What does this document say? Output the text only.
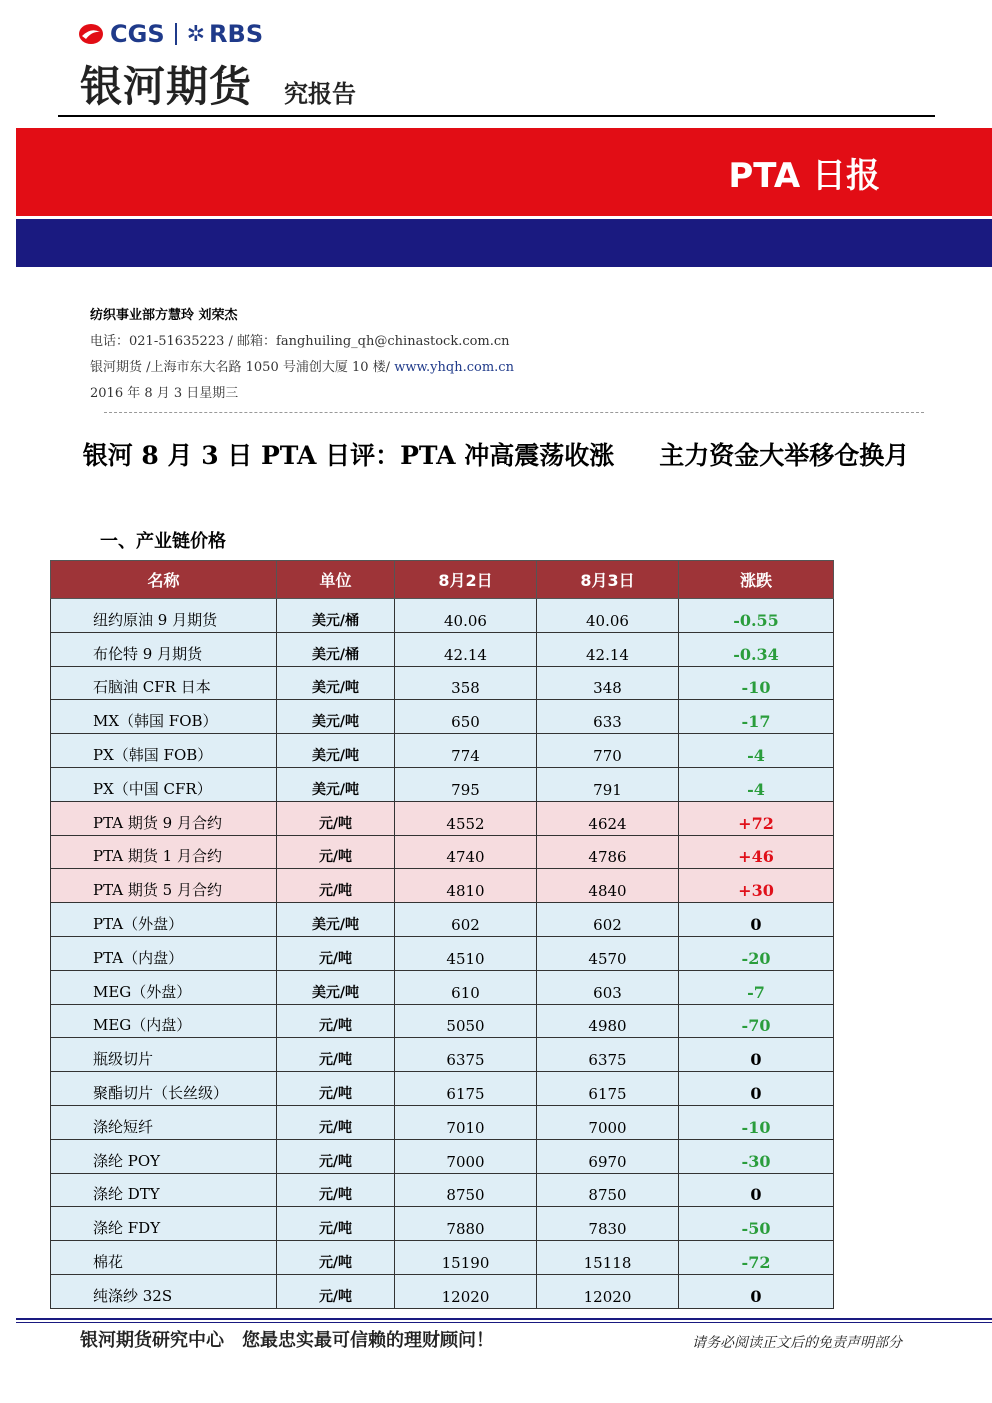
CGS ✲ RBS
银河期货 究报告
PTA 日报
纺织事业部方慧玲 刘荣杰
电话：021-51635223 / 邮箱：fanghuiling_qh@chinastock.com.cn
银河期货 /上海市东大名路 1050 号浦创大厦 10 楼/ www.yhqh.com.cn
2016 年 8 月 3 日星期三
银河 8 月 3 日 PTA 日评：PTA 冲高震荡收涨 主力资金大举移仓换月
一、产业链价格
名称	单位	8月2日	8月3日	涨跌
纽约原油 9 月期货	美元/桶	40.06	40.06	-0.55
布伦特 9 月期货	美元/桶	42.14	42.14	-0.34
石脑油 CFR 日本	美元/吨	358	348	-10
MX（韩国 FOB）	美元/吨	650	633	-17
PX（韩国 FOB）	美元/吨	774	770	-4
PX（中国 CFR）	美元/吨	795	791	-4
PTA 期货 9 月合约	元/吨	4552	4624	+72
PTA 期货 1 月合约	元/吨	4740	4786	+46
PTA 期货 5 月合约	元/吨	4810	4840	+30
PTA（外盘）	美元/吨	602	602	0
PTA（内盘）	元/吨	4510	4570	-20
MEG（外盘）	美元/吨	610	603	-7
MEG（内盘）	元/吨	5050	4980	-70
瓶级切片	元/吨	6375	6375	0
聚酯切片（长丝级）	元/吨	6175	6175	0
涤纶短纤	元/吨	7010	7000	-10
涤纶 POY	元/吨	7000	6970	-30
涤纶 DTY	元/吨	8750	8750	0
涤纶 FDY	元/吨	7880	7830	-50
棉花	元/吨	15190	15118	-72
纯涤纱 32S	元/吨	12020	12020	0
银河期货研究中心　您最忠实最可信赖的理财顾问！	请务必阅读正文后的免责声明部分
